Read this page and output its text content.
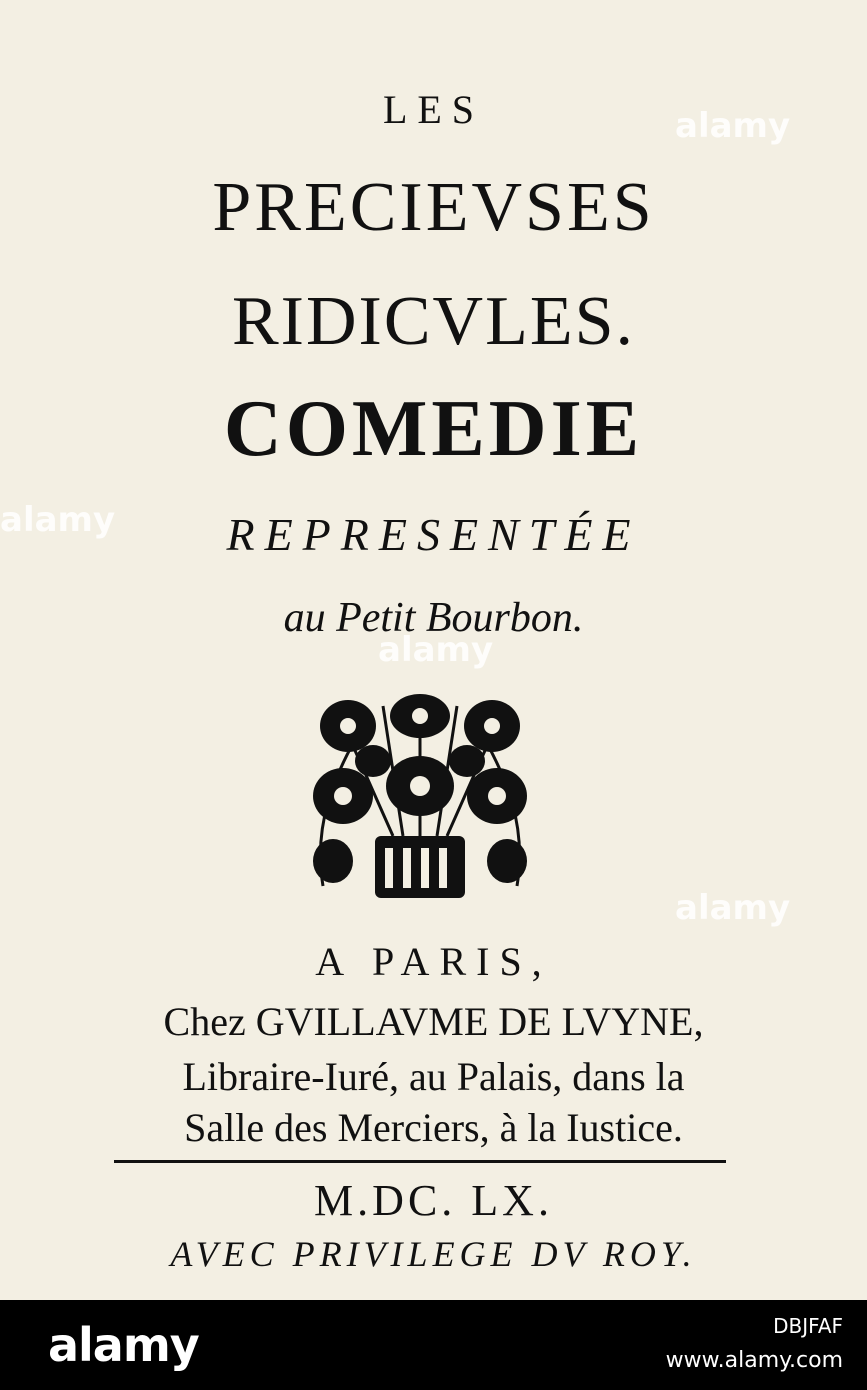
LES
PRECIEVSES
RIDICVLES.
COMEDIE
REPRESENTÉE
au Petit Bourbon.
A PARIS,
Chez GVILLAVME DE LVYNE,
Libraire-Iuré, au Palais, dans la
Salle des Merciers, à la Iustice.
M.DC. LX.
AVEC PRIVILEGE DV ROY.
alamy
alamy
alamy
alamy
alamy	DBJFAF
www.alamy.com
